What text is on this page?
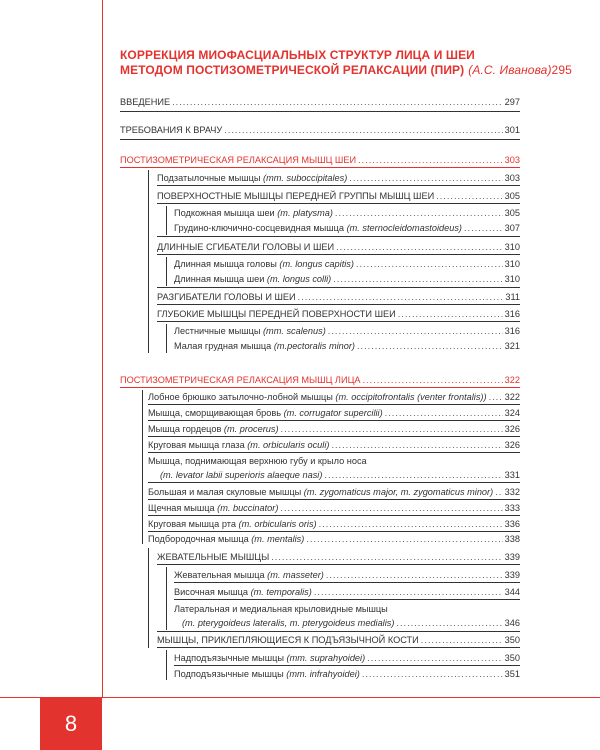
8
КОРРЕКЦИЯ МИОФАСЦИАЛЬНЫХ СТРУКТУР ЛИЦА И ШЕИ
МЕТОДОМ ПОСТИЗОМЕТРИЧЕСКОЙ РЕЛАКСАЦИИ (ПИР) (А.С. Иванова) 295
ВВЕДЕНИЕ .....	297
ТРЕБОВАНИЯ К ВРАЧУ .....	301
ПОСТИЗОМЕТРИЧЕСКАЯ РЕЛАКСАЦИЯ МЫШЦ ШЕИ .....	303
Подзатылочные мышцы (mm. suboccipitales) .....	303
ПОВЕРХНОСТНЫЕ МЫШЦЫ ПЕРЕДНЕЙ ГРУППЫ МЫШЦ ШЕИ .....	305
Подкожная мышца шеи (m. platysma) .....	305
Грудино-ключично-сосцевидная мышца (m. sternocleidomastoideus) .....	307
ДЛИННЫЕ СГИБАТЕЛИ ГОЛОВЫ И ШЕИ .....	310
Длинная мышца головы (m. longus capitis) .....	310
Длинная мышца шеи (m. longus colli) .....	310
РАЗГИБАТЕЛИ ГОЛОВЫ И ШЕИ .....	311
ГЛУБОКИЕ МЫШЦЫ ПЕРЕДНЕЙ ПОВЕРХНОСТИ ШЕИ .....	316
Лестничные мышцы (mm. scalenus) .....	316
Малая грудная мышца (m.pectoralis minor) .....	321
ПОСТИЗОМЕТРИЧЕСКАЯ РЕЛАКСАЦИЯ МЫШЦ ЛИЦА .....	322
Лобное брюшко затылочно-лобной мышцы (m. occipitofrontalis (venter frontalis)) ..... 322
Мышца, сморщивающая бровь (m. corrugator supercilii) .....	324
Мышца гордецов (m. procerus) .....	326
Круговая мышца глаза (m. orbicularis oculi) .....	326
Мышца, поднимающая верхнюю губу и крыло носа
(m. levator labii superioris alaeque nasi) .....	331
Большая и малая скуловые мышцы (m. zygomaticus major, m. zygomaticus minor) ..... 332
Щечная мышца (m. buccinator) .....	333
Круговая мышца рта (m. orbicularis oris) .....	336
Подбородочная мышца (m. mentalis) .....	338
ЖЕВАТЕЛЬНЫЕ МЫШЦЫ .....	339
Жевательная мышца (m. masseter) .....	339
Височная мышца (m. temporalis) .....	344
Латеральная и медиальная крыловидные мышцы
(m. pterygoideus lateralis, m. pterygoideus medialis) .....	346
МЫШЦЫ, ПРИКЛЕПЛЯЮЩИЕСЯ К ПОДЪЯЗЫЧНОЙ КОСТИ .....	350
Надподъязычные мышцы (mm. suprahyoidei) .....	350
Подподъязычные мышцы (mm. infrahyoidei) .....	351
